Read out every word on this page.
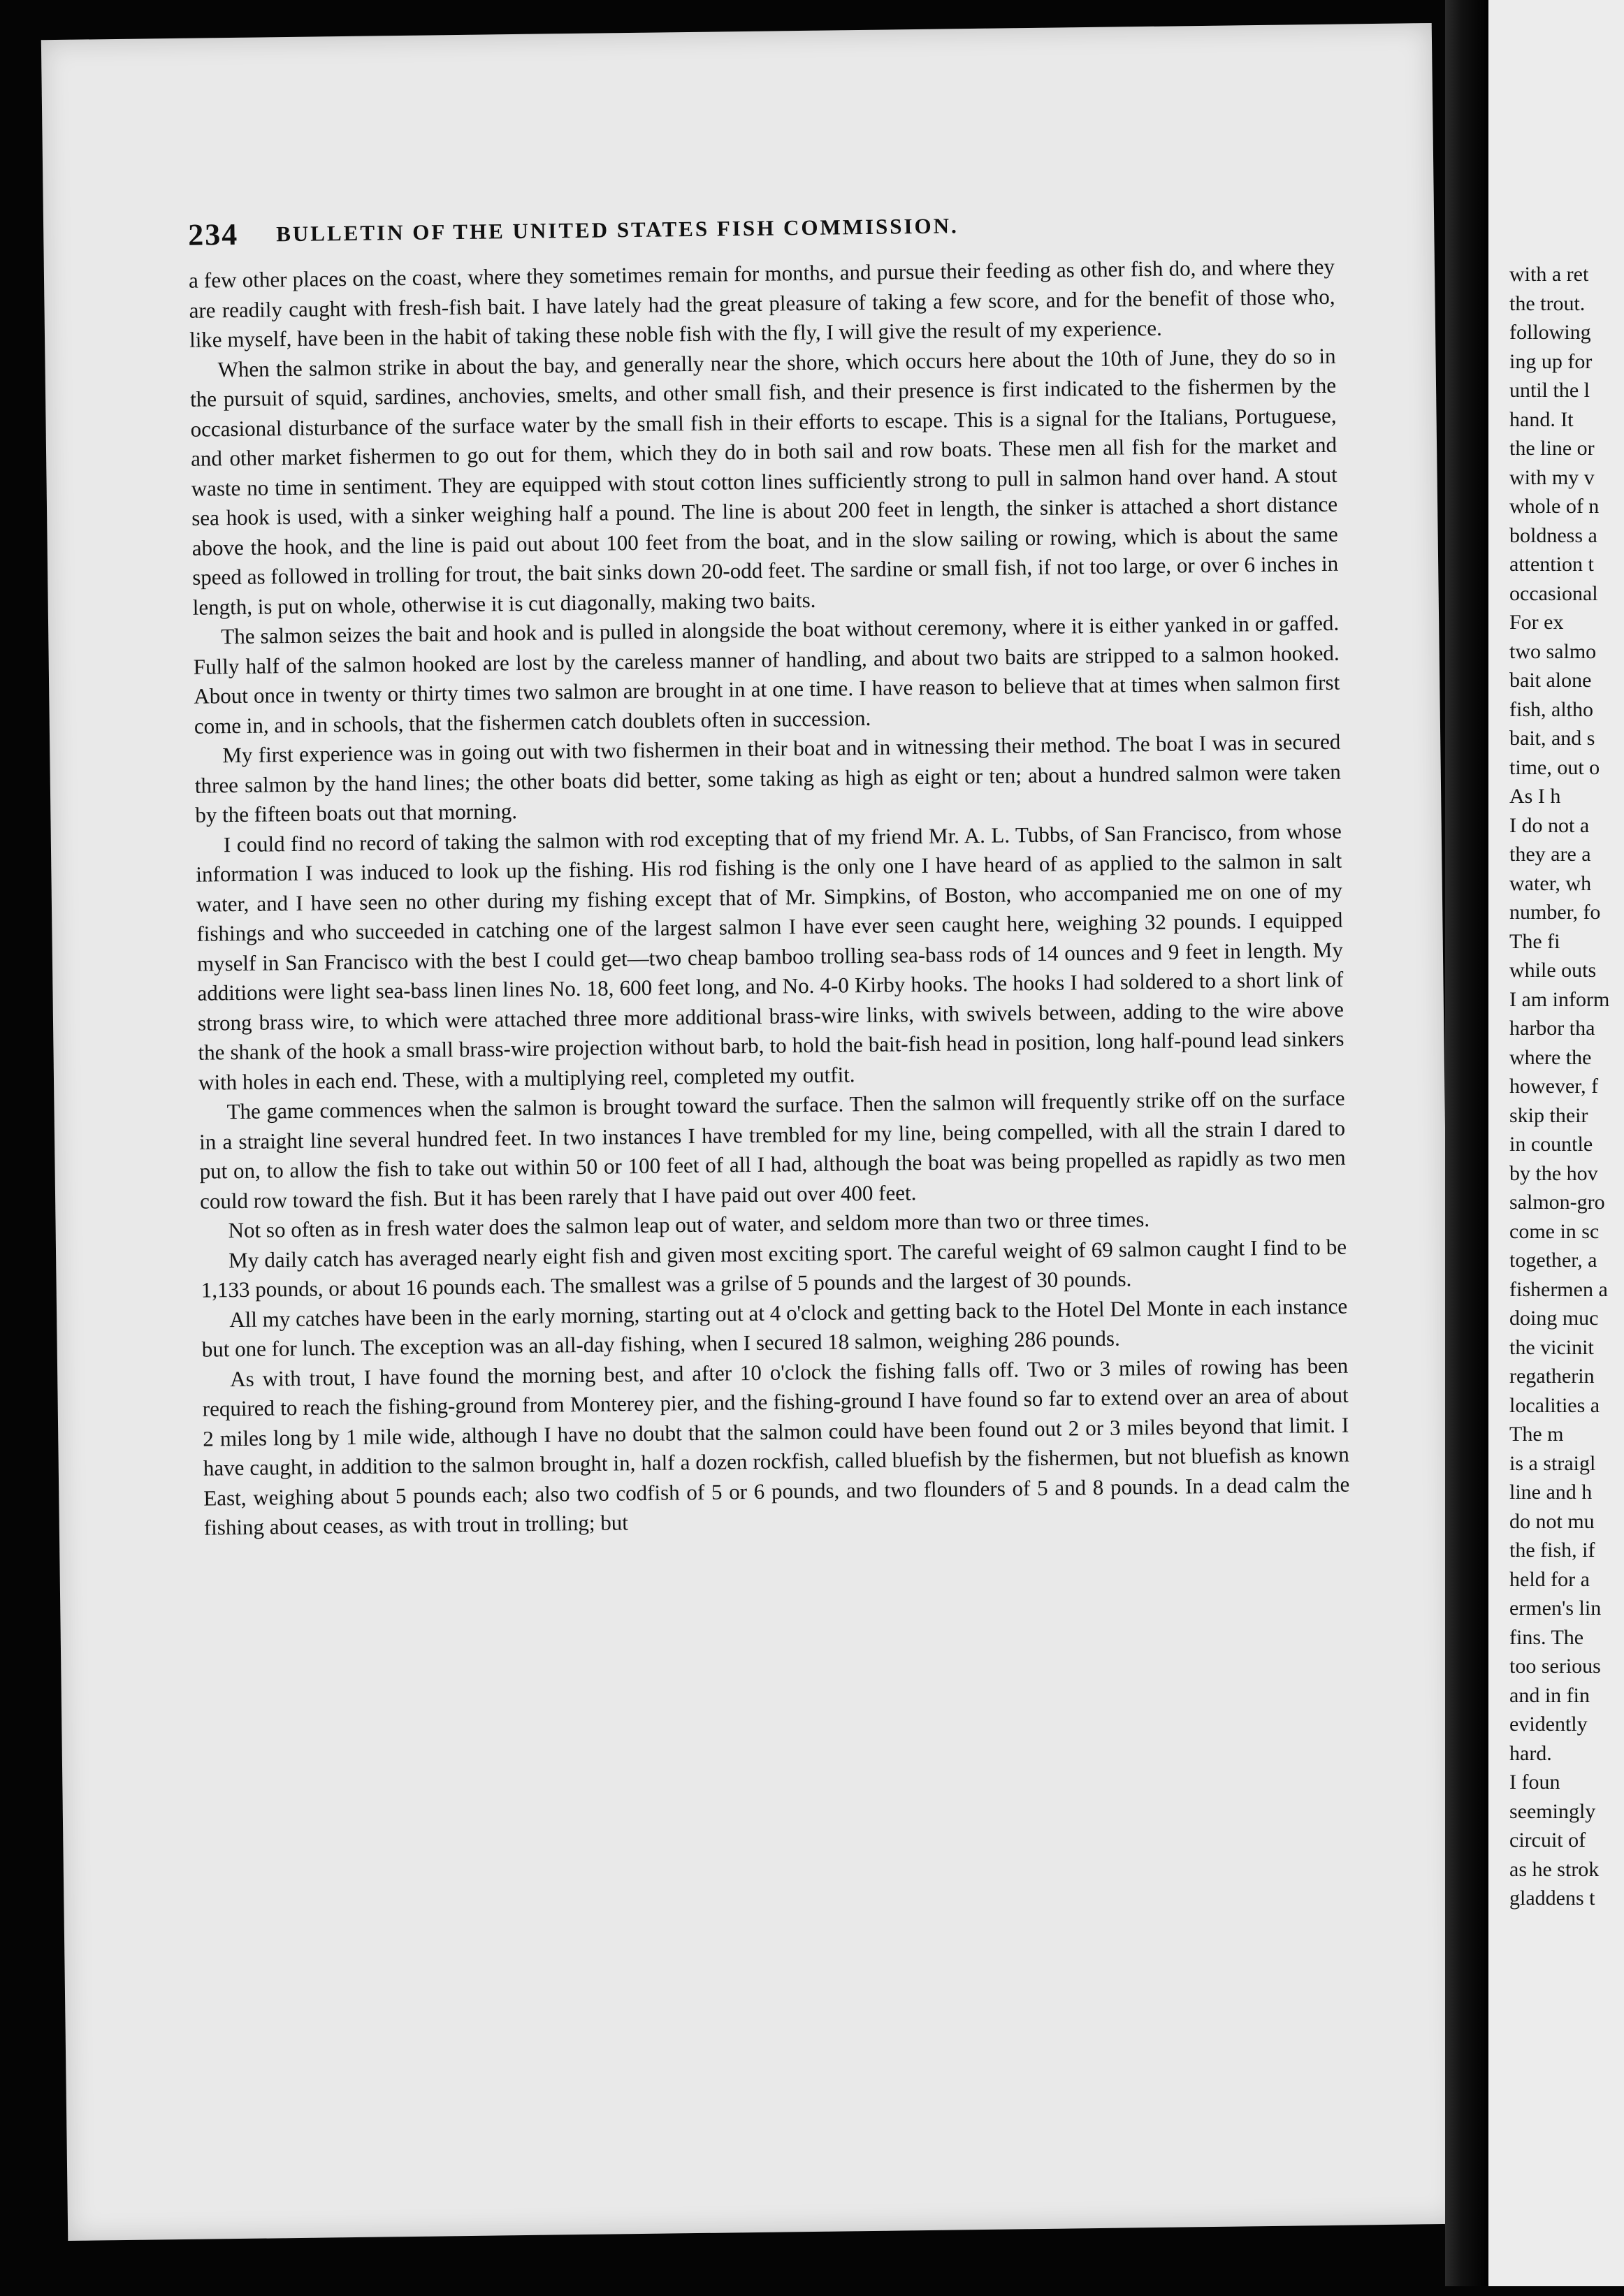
234 BULLETIN OF THE UNITED STATES FISH COMMISSION.

a few other places on the coast, where they sometimes remain for months, and pursue their feeding as other fish do, and where they are readily caught with fresh-fish bait. I have lately had the great pleasure of taking a few score, and for the benefit of those who, like myself, have been in the habit of taking these noble fish with the fly, I will give the result of my experience.

When the salmon strike in about the bay, and generally near the shore, which occurs here about the 10th of June, they do so in the pursuit of squid, sardines, anchovies, smelts, and other small fish, and their presence is first indicated to the fishermen by the occasional disturbance of the surface water by the small fish in their efforts to escape. This is a signal for the Italians, Portuguese, and other market fishermen to go out for them, which they do in both sail and row boats. These men all fish for the market and waste no time in sentiment. They are equipped with stout cotton lines sufficiently strong to pull in salmon hand over hand. A stout sea hook is used, with a sinker weighing half a pound. The line is about 200 feet in length, the sinker is attached a short distance above the hook, and the line is paid out about 100 feet from the boat, and in the slow sailing or rowing, which is about the same speed as followed in trolling for trout, the bait sinks down 20-odd feet. The sardine or small fish, if not too large, or over 6 inches in length, is put on whole, otherwise it is cut diagonally, making two baits.

The salmon seizes the bait and hook and is pulled in alongside the boat without ceremony, where it is either yanked in or gaffed. Fully half of the salmon hooked are lost by the careless manner of handling, and about two baits are stripped to a salmon hooked. About once in twenty or thirty times two salmon are brought in at one time. I have reason to believe that at times when salmon first come in, and in schools, that the fishermen catch doublets often in succession.

My first experience was in going out with two fishermen in their boat and in witnessing their method. The boat I was in secured three salmon by the hand lines; the other boats did better, some taking as high as eight or ten; about a hundred salmon were taken by the fifteen boats out that morning.

I could find no record of taking the salmon with rod excepting that of my friend Mr. A. L. Tubbs, of San Francisco, from whose information I was induced to look up the fishing. His rod fishing is the only one I have heard of as applied to the salmon in salt water, and I have seen no other during my fishing except that of Mr. Simpkins, of Boston, who accompanied me on one of my fishings and who succeeded in catching one of the largest salmon I have ever seen caught here, weighing 32 pounds. I equipped myself in San Francisco with the best I could get—two cheap bamboo trolling sea-bass rods of 14 ounces and 9 feet in length. My additions were light sea-bass linen lines No. 18, 600 feet long, and No. 4-0 Kirby hooks. The hooks I had soldered to a short link of strong brass wire, to which were attached three more additional brass-wire links, with swivels between, adding to the wire above the shank of the hook a small brass-wire projection without barb, to hold the bait-fish head in position, long half-pound lead sinkers with holes in each end. These, with a multiplying reel, completed my outfit.

The game commences when the salmon is brought toward the surface. Then the salmon will frequently strike off on the surface in a straight line several hundred feet. In two instances I have trembled for my line, being compelled, with all the strain I dared to put on, to allow the fish to take out within 50 or 100 feet of all I had, although the boat was being propelled as rapidly as two men could row toward the fish. But it has been rarely that I have paid out over 400 feet.

Not so often as in fresh water does the salmon leap out of water, and seldom more than two or three times.

My daily catch has averaged nearly eight fish and given most exciting sport. The careful weight of 69 salmon caught I find to be 1,133 pounds, or about 16 pounds each. The smallest was a grilse of 5 pounds and the largest of 30 pounds.

All my catches have been in the early morning, starting out at 4 o'clock and getting back to the Hotel Del Monte in each instance but one for lunch. The exception was an all-day fishing, when I secured 18 salmon, weighing 286 pounds.

As with trout, I have found the morning best, and after 10 o'clock the fishing falls off. Two or 3 miles of rowing has been required to reach the fishing-ground from Monterey pier, and the fishing-ground I have found so far to extend over an area of about 2 miles long by 1 mile wide, although I have no doubt that the salmon could have been found out 2 or 3 miles beyond that limit. I have caught, in addition to the salmon brought in, half a dozen rockfish, called bluefish by the fishermen, but not bluefish as known East, weighing about 5 pounds each; also two codfish of 5 or 6 pounds, and two flounders of 5 and 8 pounds. In a dead calm the fishing about ceases, as with trout in trolling; but

with a ret
the trout.
following
ing up for
until the l
hand. It
the line or
with my v
whole of n
boldness a
attention t
occasional
For ex
two salmo
bait alone
fish, altho
bait, and s
time, out o
As I h
I do not a
they are a
water, wh
number, fo
The fi
while outs
I am inform
harbor tha
where the
however, f
skip their
in countle
by the hov
salmon-gro
come in sc
together, a
fishermen a
doing muc
the vicinit
regatherin
localities a
The m
is a straigl
line and h
do not mu
the fish, if
held for a
ermen's lin
fins. The
too serious
and in fin
evidently
hard.
I foun
seemingly
circuit of
as he strok
gladdens t
